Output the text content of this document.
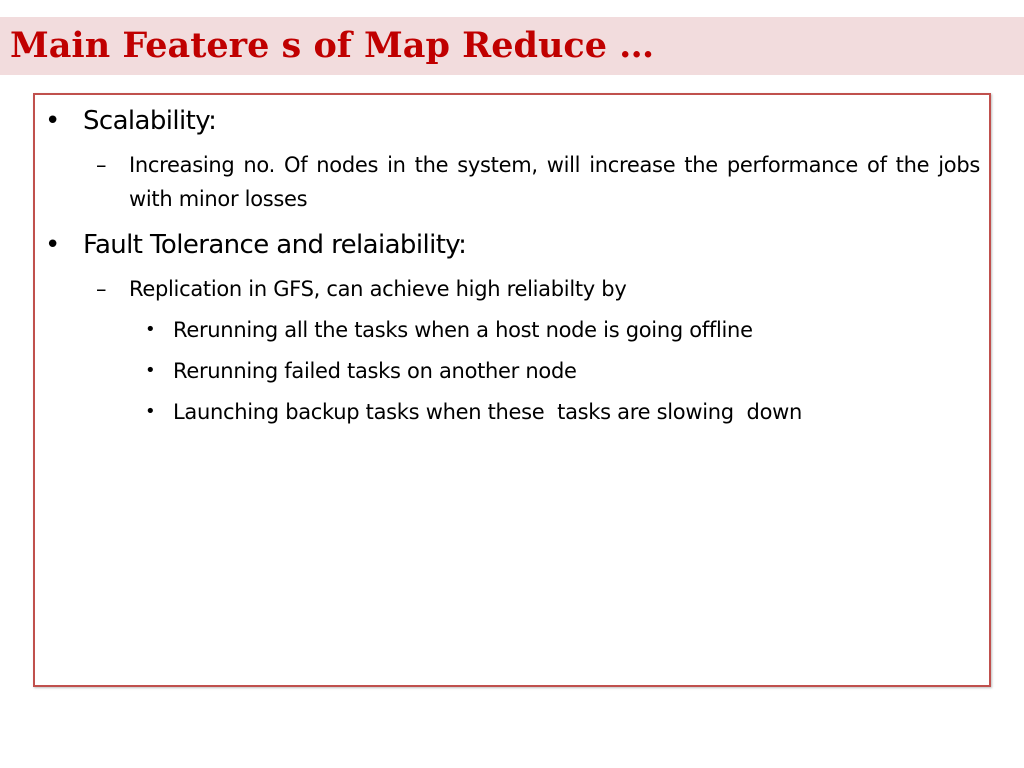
Main Featere s of Map Reduce …
• Scalability:
– Increasing no. Of nodes in the system, will increase the performance of the jobs with minor losses
• Fault Tolerance and relaiability:
– Replication in GFS, can achieve high reliabilty by
• Rerunning all the tasks when a host node is going offline
• Rerunning failed tasks on another node
• Launching backup tasks when these  tasks are slowing  down
